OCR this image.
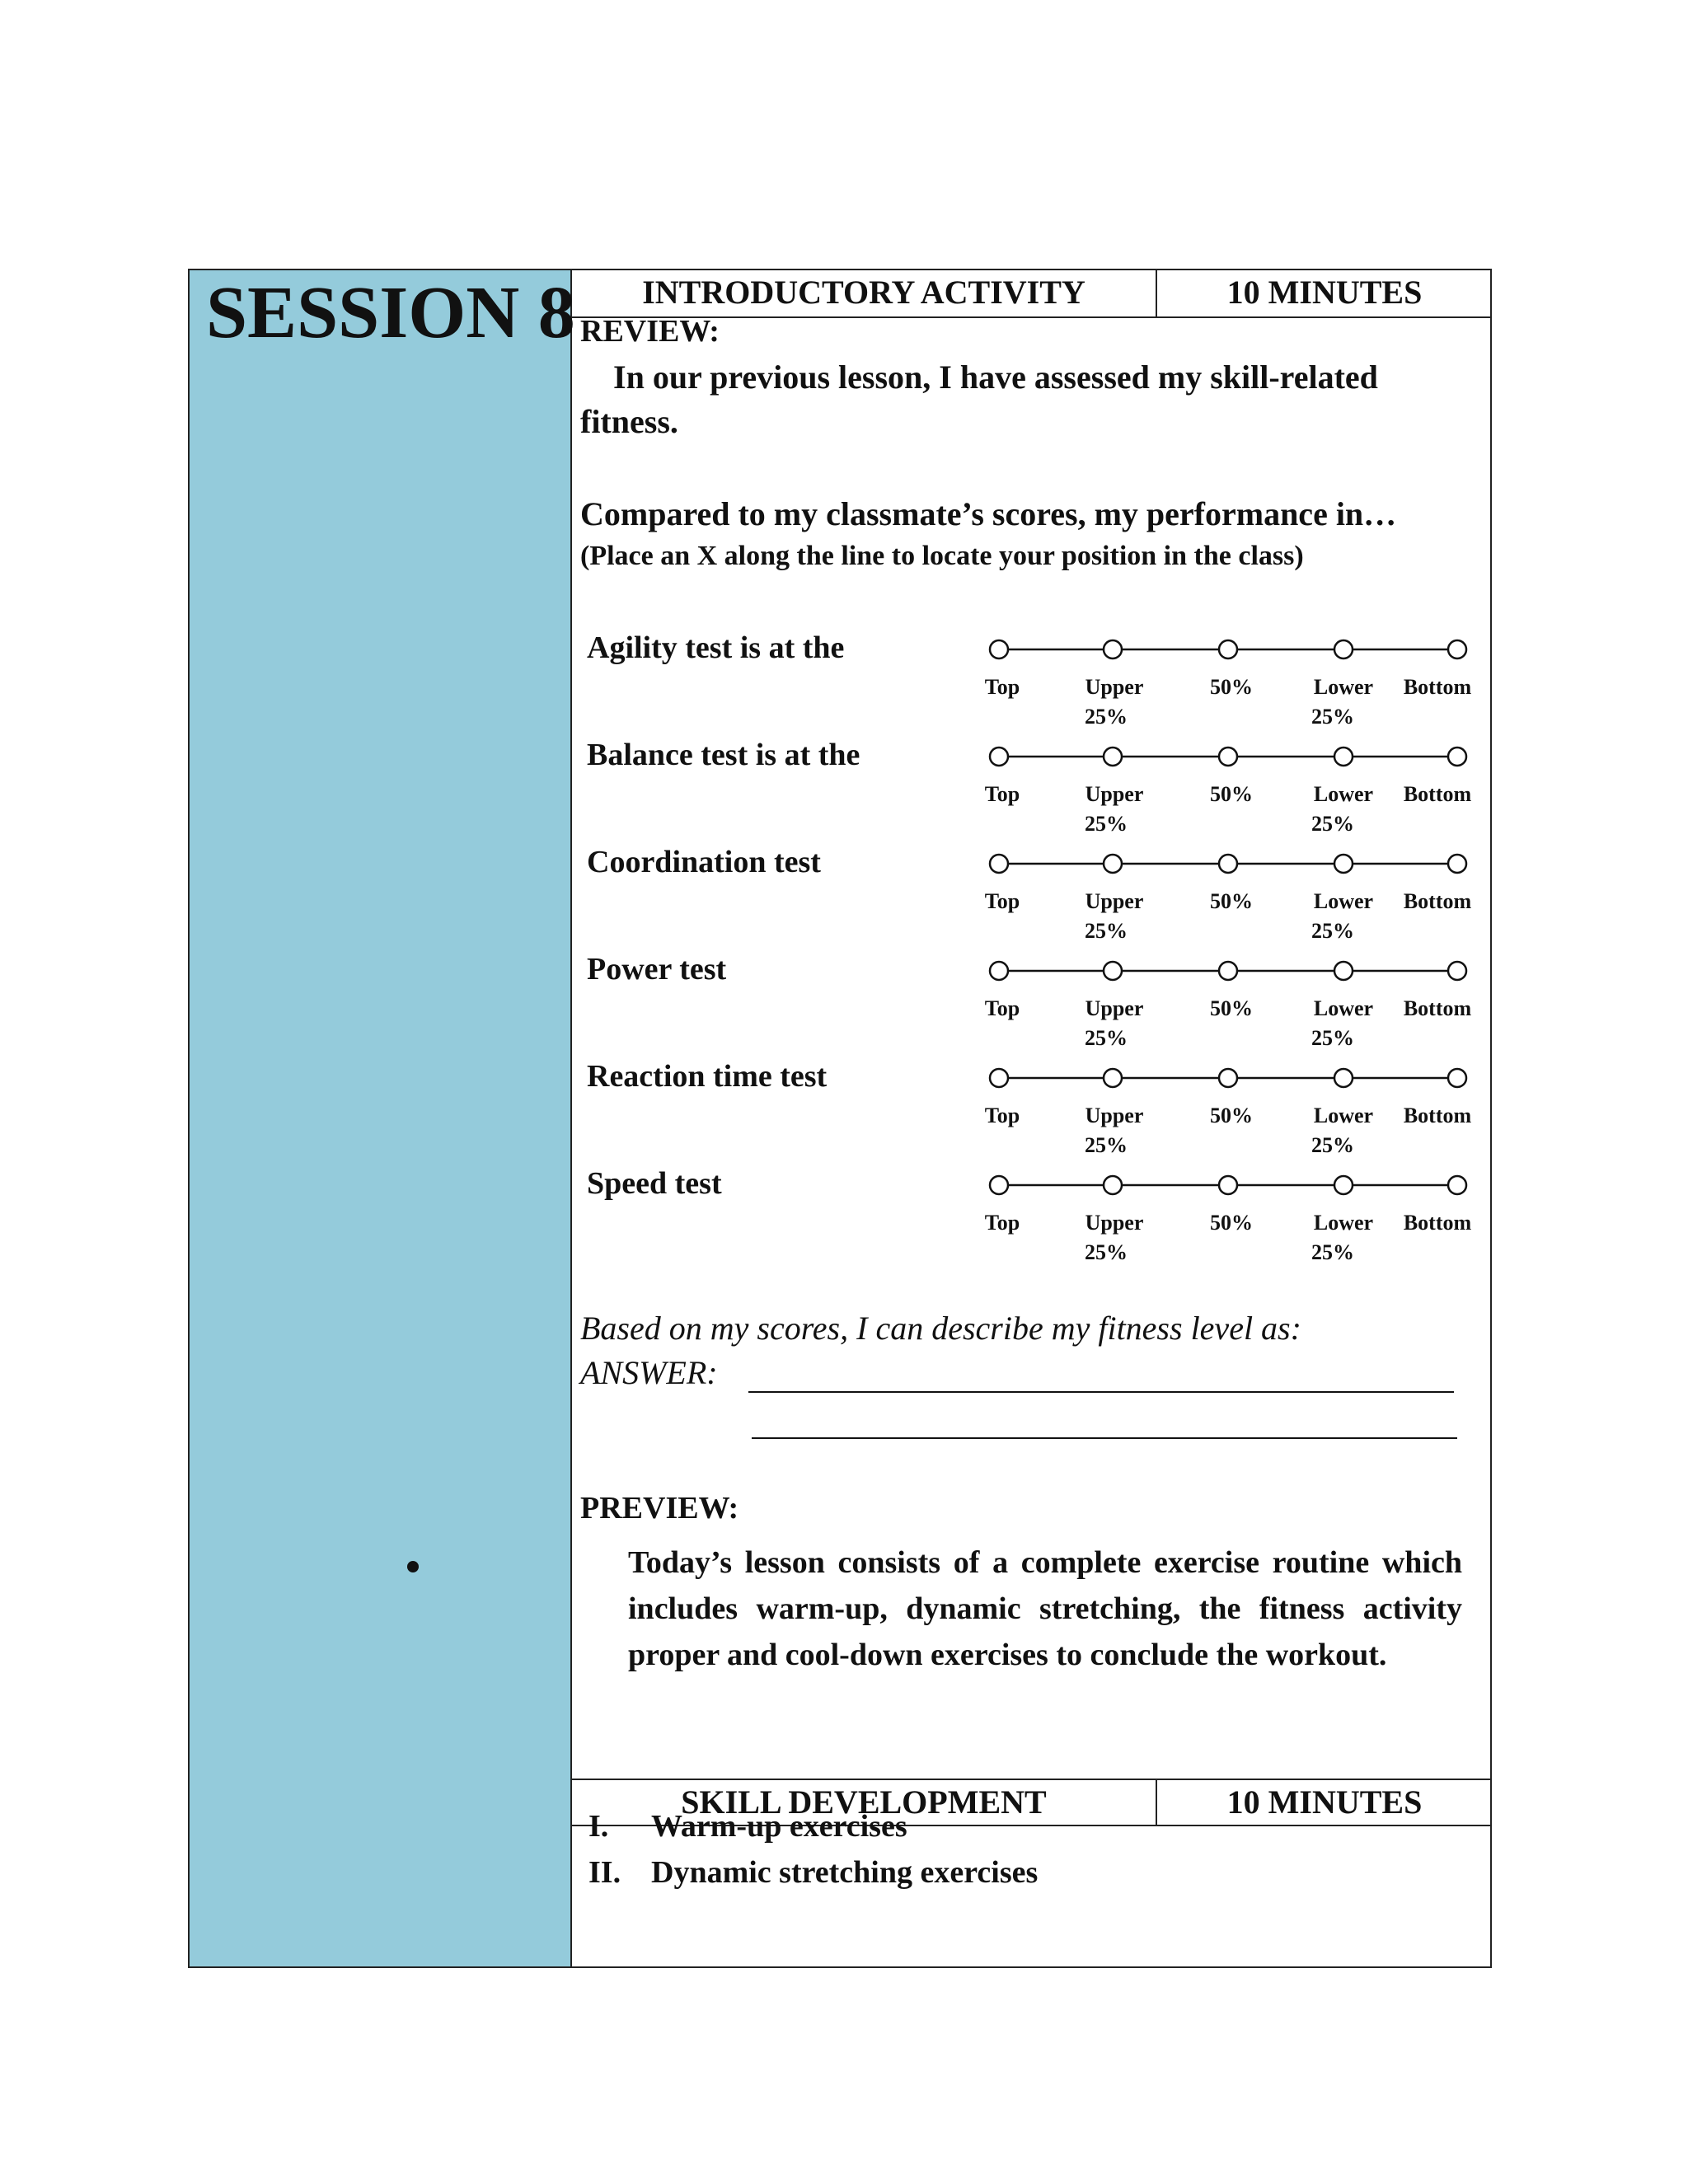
SESSION 8	INTRODUCTORY ACTIVITY	10 MINUTES
SKILL DEVELOPMENT	10 MINUTES
REVIEW:
In our previous lesson, I have assessed my skill-related
fitness.
Compared to my classmate’s scores, my performance in…
(Place an X along the line to locate your position in the class)
Agility test is at the
Top	Upper
25%
50%	Lower
25%
Bottom
Balance test is at the
Top	Upper
25%
50%	Lower
25%
Bottom
Coordination test
Top	Upper
25%
50%	Lower
25%
Bottom
Power test
Top	Upper
25%
50%	Lower
25%
Bottom
Reaction time test
Top	Upper
25%
50%	Lower
25%
Bottom
Speed test
Top	Upper
25%
50%	Lower
25%
Bottom
Based on my scores, I can describe my fitness level as:
ANSWER:
PREVIEW:
Today’s lesson consists of a complete exercise routine which includes warm-up, dynamic stretching, the fitness activity proper and cool-down exercises to conclude the workout.
I. Warm-up exercises
II. Dynamic stretching exercises
